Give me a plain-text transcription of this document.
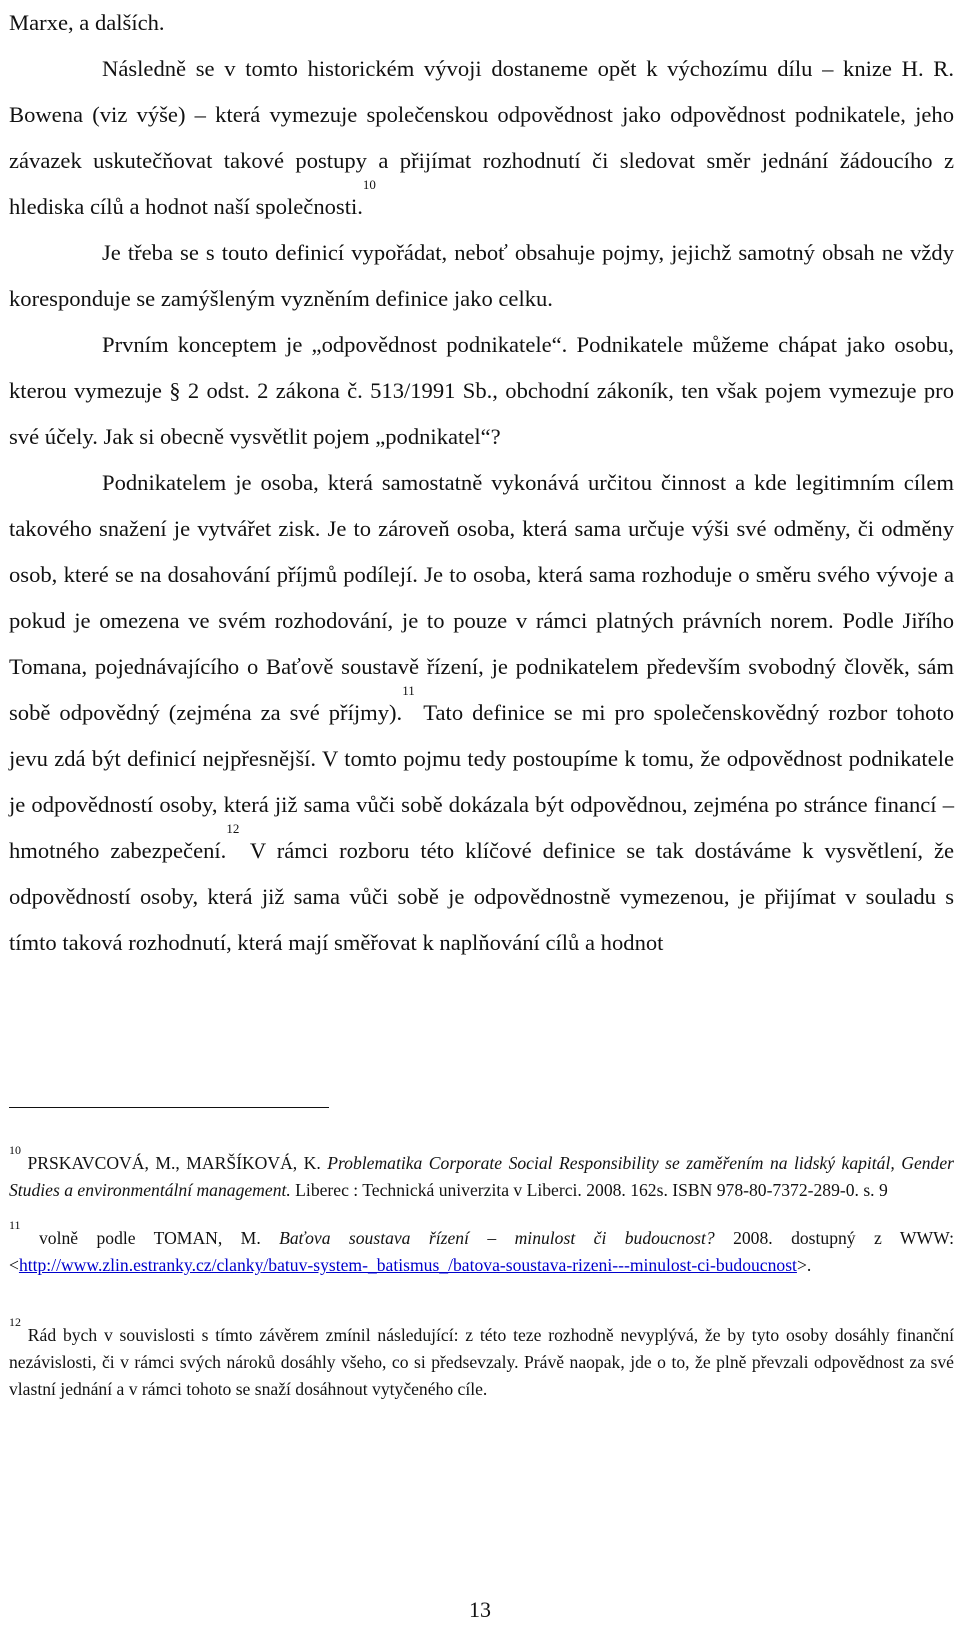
Marxe, a dalších.

Následně se v tomto historickém vývoji dostaneme opět k výchozímu dílu – knize H. R. Bowena (viz výše) – která vymezuje společenskou odpovědnost jako odpovědnost podnikatele, jeho závazek uskutečňovat takové postupy a přijímat rozhodnutí či sledovat směr jednání žádoucího z hlediska cílů a hodnot naší společnosti.$^{10}$

Je třeba se s touto definicí vypořádat, neboť obsahuje pojmy, jejichž samotný obsah ne vždy koresponduje se zamýšleným vyzněním definice jako celku.

Prvním konceptem je „odpovědnost podnikatele“. Podnikatele můžeme chápat jako osobu, kterou vymezuje § 2 odst. 2 zákona č. 513/1991 Sb., obchodní zákoník, ten však pojem vymezuje pro své účely. Jak si obecně vysvětlit pojem „podnikatel“?

Podnikatelem je osoba, která samostatně vykonává určitou činnost a kde legitimním cílem takového snažení je vytvářet zisk. Je to zároveň osoba, která sama určuje výši své odměny, či odměny osob, které se na dosahování příjmů podílejí. Je to osoba, která sama rozhoduje o směru svého vývoje a pokud je omezena ve svém rozhodování, je to pouze v rámci platných právních norem. Podle Jiřího Tomana, pojednávajícího o Baťově soustavě řízení, je podnikatelem především svobodný člověk, sám sobě odpovědný (zejména za své příjmy).$^{11}$ Tato definice se mi pro společenskovědný rozbor tohoto jevu zdá být definicí nejpřesnější. V tomto pojmu tedy postoupíme k tomu, že odpovědnost podnikatele je odpovědností osoby, která již sama vůči sobě dokázala být odpovědnou, zejména po stránce financí – hmotného zabezpečení.$^{12}$ V rámci rozboru této klíčové definice se tak dostáváme k vysvětlení, že odpovědností osoby, která již sama vůči sobě je odpovědnostně vymezenou, je přijímat v souladu s tímto taková rozhodnutí, která mají směřovat k naplňování cílů a hodnot

$^{10}$ PRSKAVCOVÁ, M., MARŠÍKOVÁ, K. Problematika Corporate Social Responsibility se zaměřením na lidský kapitál, Gender Studies a environmentální management. Liberec : Technická univerzita v Liberci. 2008. 162s. ISBN 978-80-7372-289-0. s. 9

$^{11}$ volně podle TOMAN, M. Baťova soustava řízení – minulost či budoucnost? 2008. dostupný z WWW: <http://www.zlin.estranky.cz/clanky/batuv-system-_batismus_/batova-soustava-rizeni---minulost-ci-budoucnost>.

$^{12}$ Rád bych v souvislosti s tímto závěrem zmínil následující: z této teze rozhodně nevyplývá, že by tyto osoby dosáhly finanční nezávislosti, či v rámci svých nároků dosáhly všeho, co si předsevzaly. Právě naopak, jde o to, že plně převzali odpovědnost za své vlastní jednání a v rámci tohoto se snaží dosáhnout vytyčeného cíle.

13
